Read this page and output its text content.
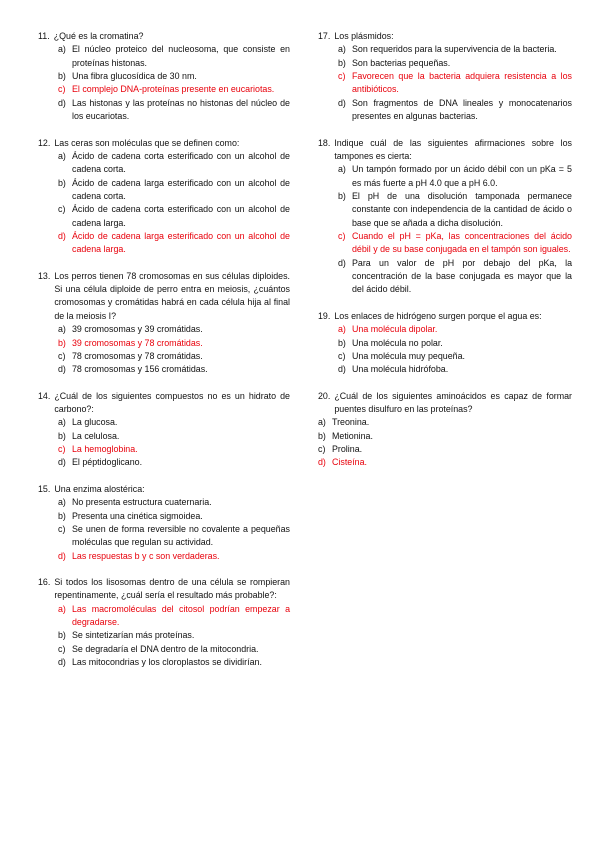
11. ¿Qué es la cromatina?
a) El núcleo proteico del nucleosoma, que consiste en proteínas histonas.
b) Una fibra glucosídica de 30 nm.
c) El complejo DNA-proteínas presente en eucariotas.
d) Las histonas y las proteínas no histonas del núcleo de los eucariotas.
12. Las ceras son moléculas que se definen como:
a) Ácido de cadena corta esterificado con un alcohol de cadena corta.
b) Ácido de cadena larga esterificado con un alcohol de cadena corta.
c) Ácido de cadena corta esterificado con un alcohol de cadena larga.
d) Ácido de cadena larga esterificado con un alcohol de cadena larga.
13. Los perros tienen 78 cromosomas en sus células diploides. Si una célula diploide de perro entra en meiosis, ¿cuántos cromosomas y cromátidas habrá en cada célula hija al final de la meiosis I?
a) 39 cromosomas y 39 cromátidas.
b) 39 cromosomas y 78 cromátidas.
c) 78 cromosomas y 78 cromátidas.
d) 78 cromosomas y 156 cromátidas.
14. ¿Cuál de los siguientes compuestos no es un hidrato de carbono?:
a) La glucosa.
b) La celulosa.
c) La hemoglobina.
d) El péptidoglicano.
15. Una enzima alostérica:
a) No presenta estructura cuaternaria.
b) Presenta una cinética sigmoidea.
c) Se unen de forma reversible no covalente a pequeñas moléculas que regulan su actividad.
d) Las respuestas b y c son verdaderas.
16. Si todos los lisosomas dentro de una célula se rompieran repentinamente, ¿cuál sería el resultado más probable?:
a) Las macromoléculas del citosol podrían empezar a degradarse.
b) Se sintetizarían más proteínas.
c) Se degradaría el DNA dentro de la mitocondria.
d) Las mitocondrias y los cloroplastos se dividirían.
17. Los plásmidos:
a) Son requeridos para la supervivencia de la bacteria.
b) Son bacterias pequeñas.
c) Favorecen que la bacteria adquiera resistencia a los antibióticos.
d) Son fragmentos de DNA lineales y monocatenarios presentes en algunas bacterias.
18. Indique cuál de las siguientes afirmaciones sobre los tampones es cierta:
a) Un tampón formado por un ácido débil con un pKa = 5 es más fuerte a pH 4.0 que a pH 6.0.
b) El pH de una disolución tamponada permanece constante con independencia de la cantidad de ácido o base que se añada a dicha disolución.
c) Cuando el pH = pKa, las concentraciones del ácido débil y de su base conjugada en el tampón son iguales.
d) Para un valor de pH por debajo del pKa, la concentración de la base conjugada es mayor que la del ácido débil.
19. Los enlaces de hidrógeno surgen porque el agua es:
a) Una molécula dipolar.
b) Una molécula no polar.
c) Una molécula muy pequeña.
d) Una molécula hidrófoba.
20. ¿Cuál de los siguientes aminoácidos es capaz de formar puentes disulfuro en las proteínas?
a) Treonina.
b) Metionina.
c) Prolina.
d) Cisteína.
